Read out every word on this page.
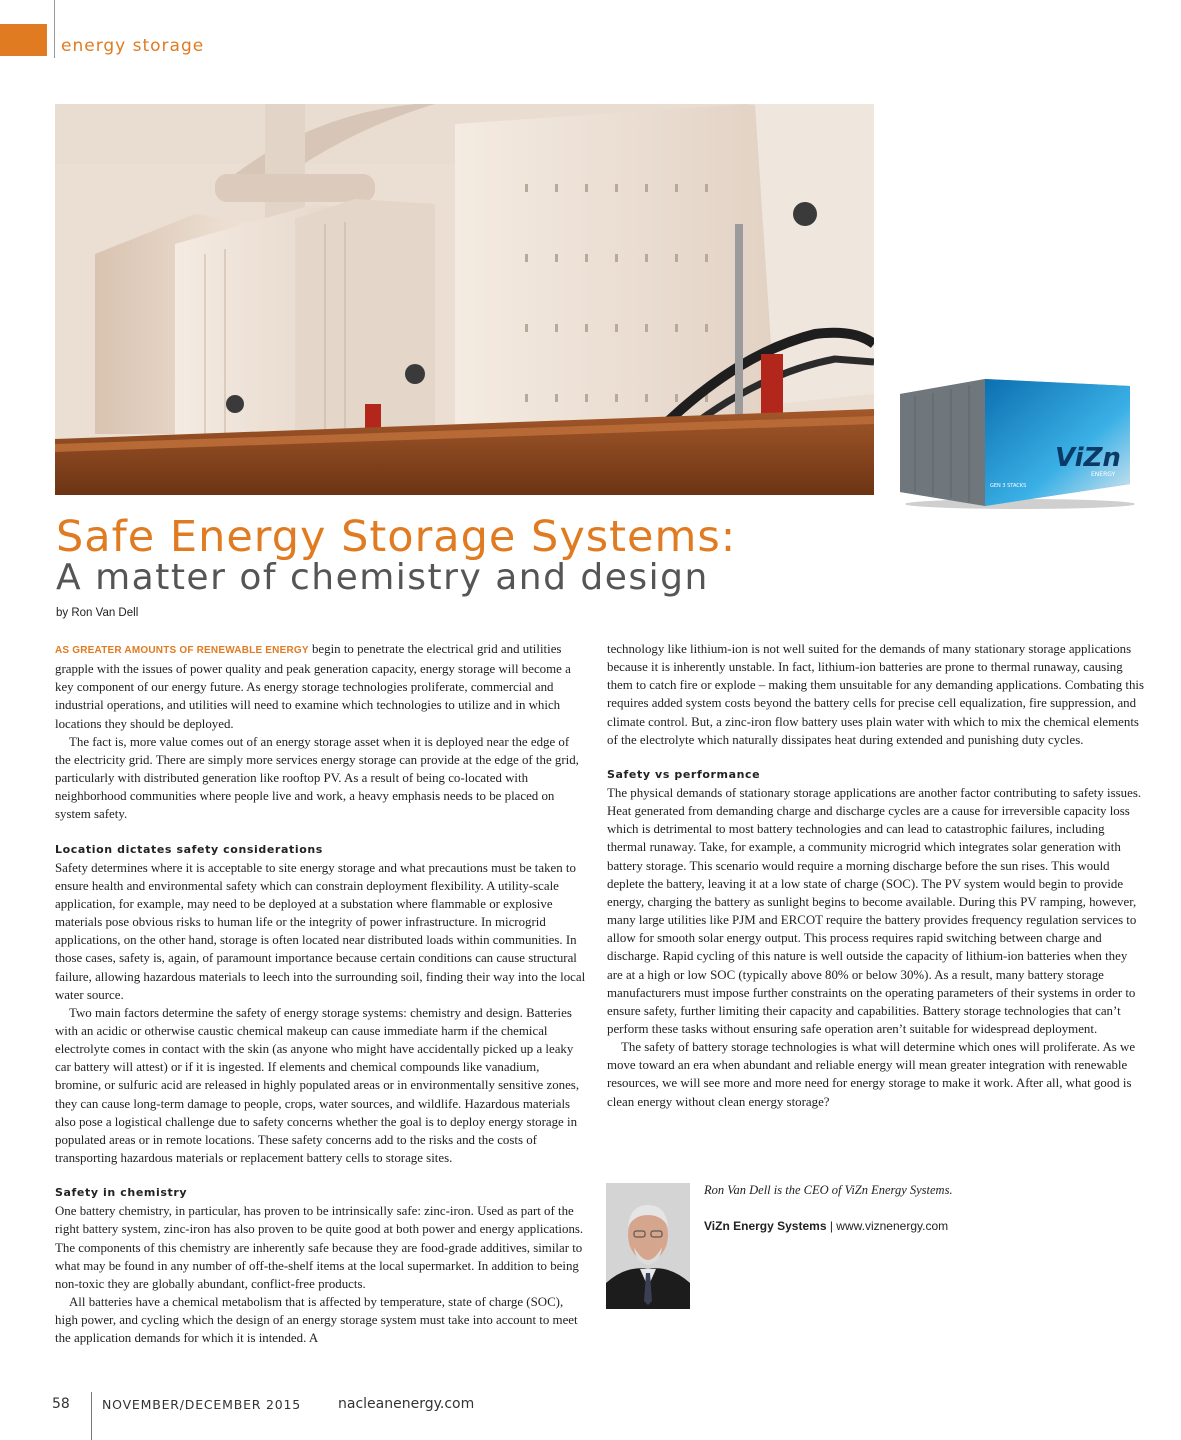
energy storage
ViZn
ENERGY
GEN 3 STACKS
Safe Energy Storage Systems:
A matter of chemistry and design
by Ron Van Dell

AS GREATER AMOUNTS OF RENEWABLE ENERGY begin to penetrate the electrical grid and utilities grapple with the issues of power quality and peak generation capacity, energy storage will become a key component of our energy future. As energy storage technologies proliferate, commercial and industrial operations, and utilities will need to examine which technologies to utilize and in which locations they should be deployed.

The fact is, more value comes out of an energy storage asset when it is deployed near the edge of the electricity grid. There are simply more services energy storage can provide at the edge of the grid, particularly with distributed generation like rooftop PV. As a result of being co-located with neighborhood communities where people live and work, a heavy emphasis needs to be placed on system safety.

Location dictates safety considerations

Safety determines where it is acceptable to site energy storage and what precautions must be taken to ensure health and environmental safety which can constrain deployment flexibility. A utility-scale application, for example, may need to be deployed at a substation where flammable or explosive materials pose obvious risks to human life or the integrity of power infrastructure. In microgrid applications, on the other hand, storage is often located near distributed loads within communities. In those cases, safety is, again, of paramount importance because certain conditions can cause structural failure, allowing hazardous materials to leech into the surrounding soil, finding their way into the local water source.

Two main factors determine the safety of energy storage systems: chemistry and design. Batteries with an acidic or otherwise caustic chemical makeup can cause immediate harm if the chemical electrolyte comes in contact with the skin (as anyone who might have accidentally picked up a leaky car battery will attest) or if it is ingested. If elements and chemical compounds like vanadium, bromine, or sulfuric acid are released in highly populated areas or in environmentally sensitive zones, they can cause long-term damage to people, crops, water sources, and wildlife. Hazardous materials also pose a logistical challenge due to safety concerns whether the goal is to deploy energy storage in populated areas or in remote locations. These safety concerns add to the risks and the costs of transporting hazardous materials or replacement battery cells to storage sites.

Safety in chemistry

One battery chemistry, in particular, has proven to be intrinsically safe: zinc-iron. Used as part of the right battery system, zinc-iron has also proven to be quite good at both power and energy applications. The components of this chemistry are inherently safe because they are food-grade additives, similar to what may be found in any number of off-the-shelf items at the local supermarket. In addition to being non-toxic they are globally abundant, conflict-free products.

All batteries have a chemical metabolism that is affected by temperature, state of charge (SOC), high power, and cycling which the design of an energy storage system must take into account to meet the application demands for which it is intended. A

technology like lithium-ion is not well suited for the demands of many stationary storage applications because it is inherently unstable. In fact, lithium-ion batteries are prone to thermal runaway, causing them to catch fire or explode – making them unsuitable for any demanding applications. Combating this requires added system costs beyond the battery cells for precise cell equalization, fire suppression, and climate control. But, a zinc-iron flow battery uses plain water with which to mix the chemical elements of the electrolyte which naturally dissipates heat during extended and punishing duty cycles.

Safety vs performance

The physical demands of stationary storage applications are another factor contributing to safety issues. Heat generated from demanding charge and discharge cycles are a cause for irreversible capacity loss which is detrimental to most battery technologies and can lead to catastrophic failures, including thermal runaway. Take, for example, a community microgrid which integrates solar generation with battery storage. This scenario would require a morning discharge before the sun rises. This would deplete the battery, leaving it at a low state of charge (SOC). The PV system would begin to provide energy, charging the battery as sunlight begins to become available. During this PV ramping, however, many large utilities like PJM and ERCOT require the battery provides frequency regulation services to allow for smooth solar energy output. This process requires rapid switching between charge and discharge. Rapid cycling of this nature is well outside the capacity of lithium-ion batteries when they are at a high or low SOC (typically above 80% or below 30%). As a result, many battery storage manufacturers must impose further constraints on the operating parameters of their systems in order to ensure safety, further limiting their capacity and capabilities. Battery storage technologies that can’t perform these tasks without ensuring safe operation aren’t suitable for widespread deployment.

The safety of battery storage technologies is what will determine which ones will proliferate. As we move toward an era when abundant and reliable energy will mean greater integration with renewable resources, we will see more and more need for energy storage to make it work. After all, what good is clean energy without clean energy storage?

Ron Van Dell is the CEO of ViZn Energy Systems.
ViZn Energy Systems | www.viznenergy.com
58	NOVEMBER/DECEMBER 2015	nacleanenergy.com
